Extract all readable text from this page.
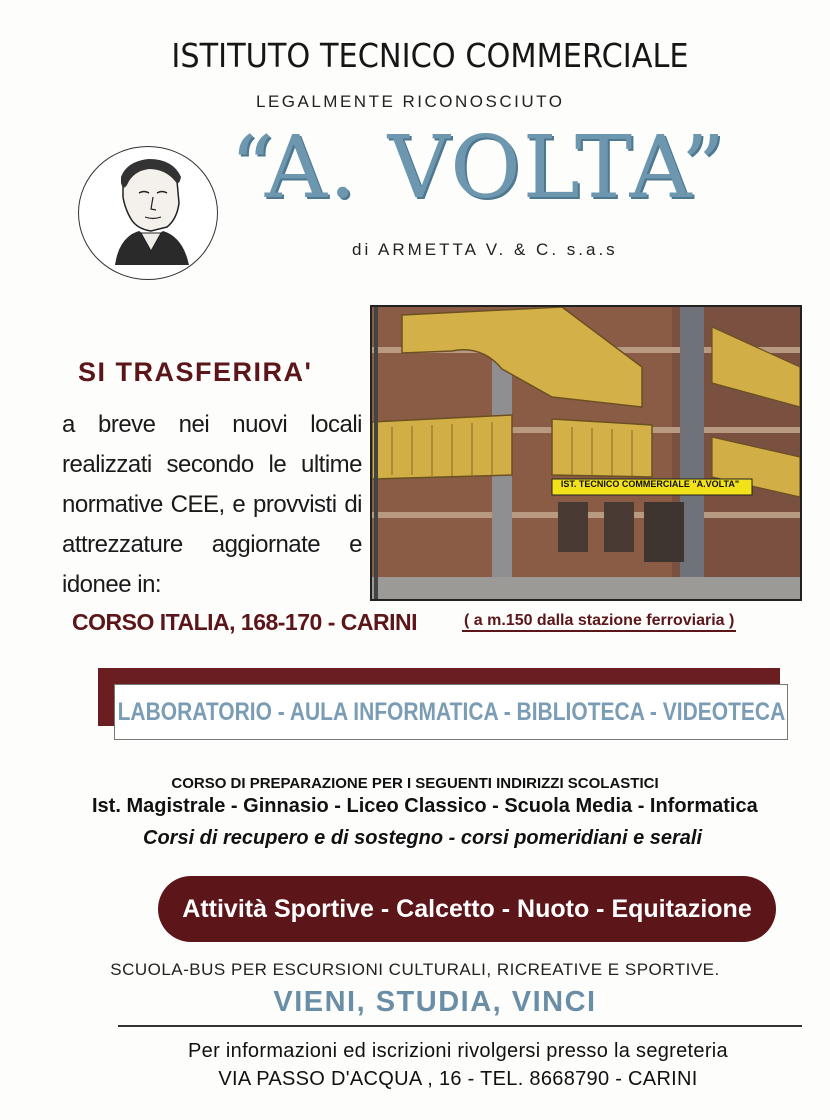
ISTITUTO TECNICO COMMERCIALE
LEGALMENTE RICONOSCIUTO
“A. VOLTA”
di ARMETTA V. & C. s.a.s
IST. TECNICO COMMERCIALE "A.VOLTA"
SI TRASFERIRA'
a breve nei nuovi locali realizzati secondo le ultime normative CEE, e provvisti di attrezzature aggiornate e idonee in:
CORSO ITALIA, 168-170 - CARINI	( a m.150 dalla stazione ferroviaria )
LABORATORIO - AULA INFORMATICA - BIBLIOTECA - VIDEOTECA
CORSO DI PREPARAZIONE PER I SEGUENTI INDIRIZZI SCOLASTICI
Ist. Magistrale - Ginnasio - Liceo Classico - Scuola Media - Informatica
Corsi di recupero e di sostegno - corsi pomeridiani e serali
Attività Sportive - Calcetto - Nuoto - Equitazione
SCUOLA-BUS PER ESCURSIONI CULTURALI, RICREATIVE E SPORTIVE.
VIENI, STUDIA, VINCI
Per informazioni ed iscrizioni rivolgersi presso la segreteria
VIA PASSO D'ACQUA , 16 - TEL. 8668790 - CARINI
